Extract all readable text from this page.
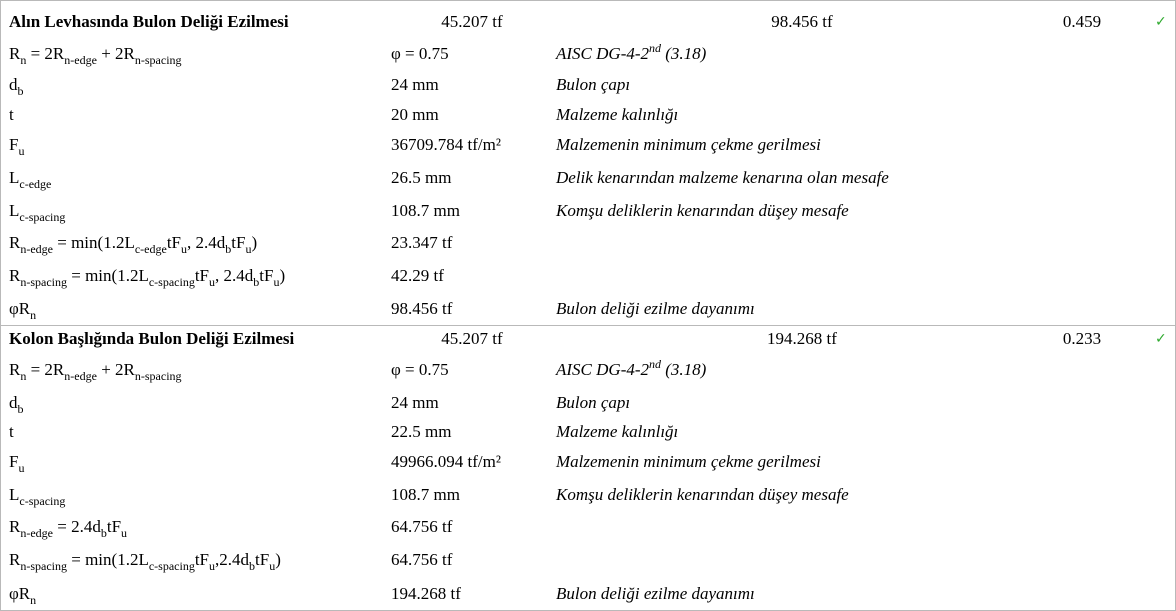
Alın Levhasında Bulon Deliği Ezilmesi	45.207 tf	98.456 tf	0.459	✓
$R_n = 2R_{n-edge} + 2R_{n-spacing}$	φ = 0.75	AISC DG-4-2nd (3.18)
$d_b$	24 mm	Bulon çapı
t	20 mm	Malzeme kalınlığı
$F_u$	36709.784 tf/m²	Malzemenin minimum çekme gerilmesi
$L_{c-edge}$	26.5 mm	Delik kenarından malzeme kenarına olan mesafe
$L_{c-spacing}$	108.7 mm	Komşu deliklerin kenarından düşey mesafe
$R_{n-edge} = \min(1.2L_{c-edge}tF_u$, $2.4d_btF_u$)	23.347 tf
$R_{n-spacing} = \min(1.2L_{c-spacing}tF_u$, $2.4d_btF_u$)	42.29 tf
$\varphi R_n$	98.456 tf	Bulon deliği ezilme dayanımı
Kolon Başlığında Bulon Deliği Ezilmesi	45.207 tf	194.268 tf	0.233	✓
$R_n = 2R_{n-edge} + 2R_{n-spacing}$	φ = 0.75	AISC DG-4-2nd (3.18)
$d_b$	24 mm	Bulon çapı
t	22.5 mm	Malzeme kalınlığı
$F_u$	49966.094 tf/m²	Malzemenin minimum çekme gerilmesi
$L_{c-spacing}$	108.7 mm	Komşu deliklerin kenarından düşey mesafe
$R_{n-edge} = 2.4d_btF_u$	64.756 tf
$R_{n-spacing} = \min(1.2L_{c-spacing}tF_u,2.4d_btF_u)$	64.756 tf
$\varphi R_n$	194.268 tf	Bulon deliği ezilme dayanımı
